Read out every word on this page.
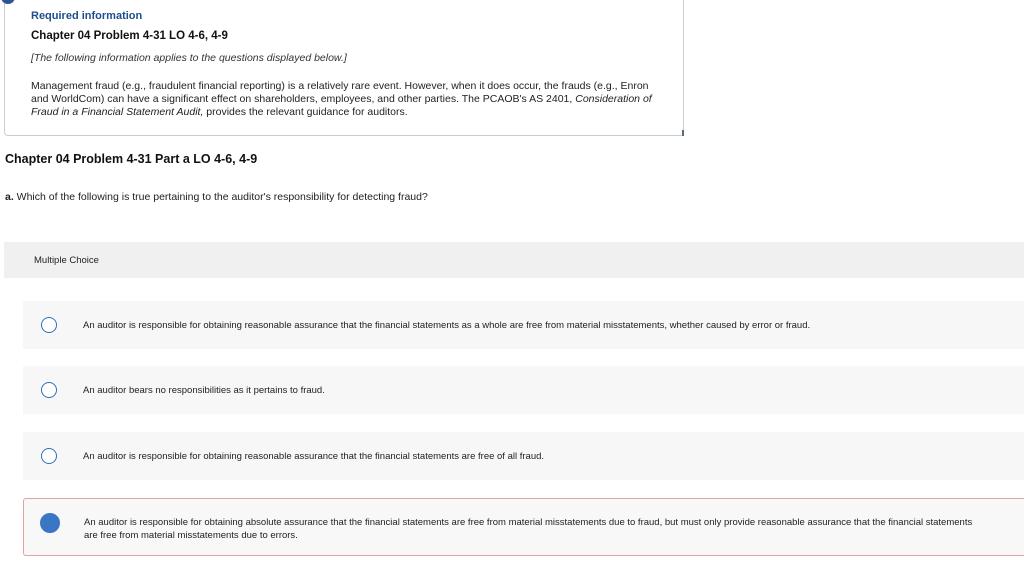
Required information
Chapter 04 Problem 4-31 LO 4-6, 4-9
[The following information applies to the questions displayed below.]
Management fraud (e.g., fraudulent financial reporting) is a relatively rare event. However, when it does occur, the frauds (e.g., Enron and WorldCom) can have a significant effect on shareholders, employees, and other parties. The PCAOB's AS 2401, Consideration of Fraud in a Financial Statement Audit, provides the relevant guidance for auditors.
Chapter 04 Problem 4-31 Part a LO 4-6, 4-9
a. Which of the following is true pertaining to the auditor's responsibility for detecting fraud?
Multiple Choice
An auditor is responsible for obtaining reasonable assurance that the financial statements as a whole are free from material misstatements, whether caused by error or fraud.
An auditor bears no responsibilities as it pertains to fraud.
An auditor is responsible for obtaining reasonable assurance that the financial statements are free of all fraud.
An auditor is responsible for obtaining absolute assurance that the financial statements are free from material misstatements due to fraud, but must only provide reasonable assurance that the financial statements are free from material misstatements due to errors.
